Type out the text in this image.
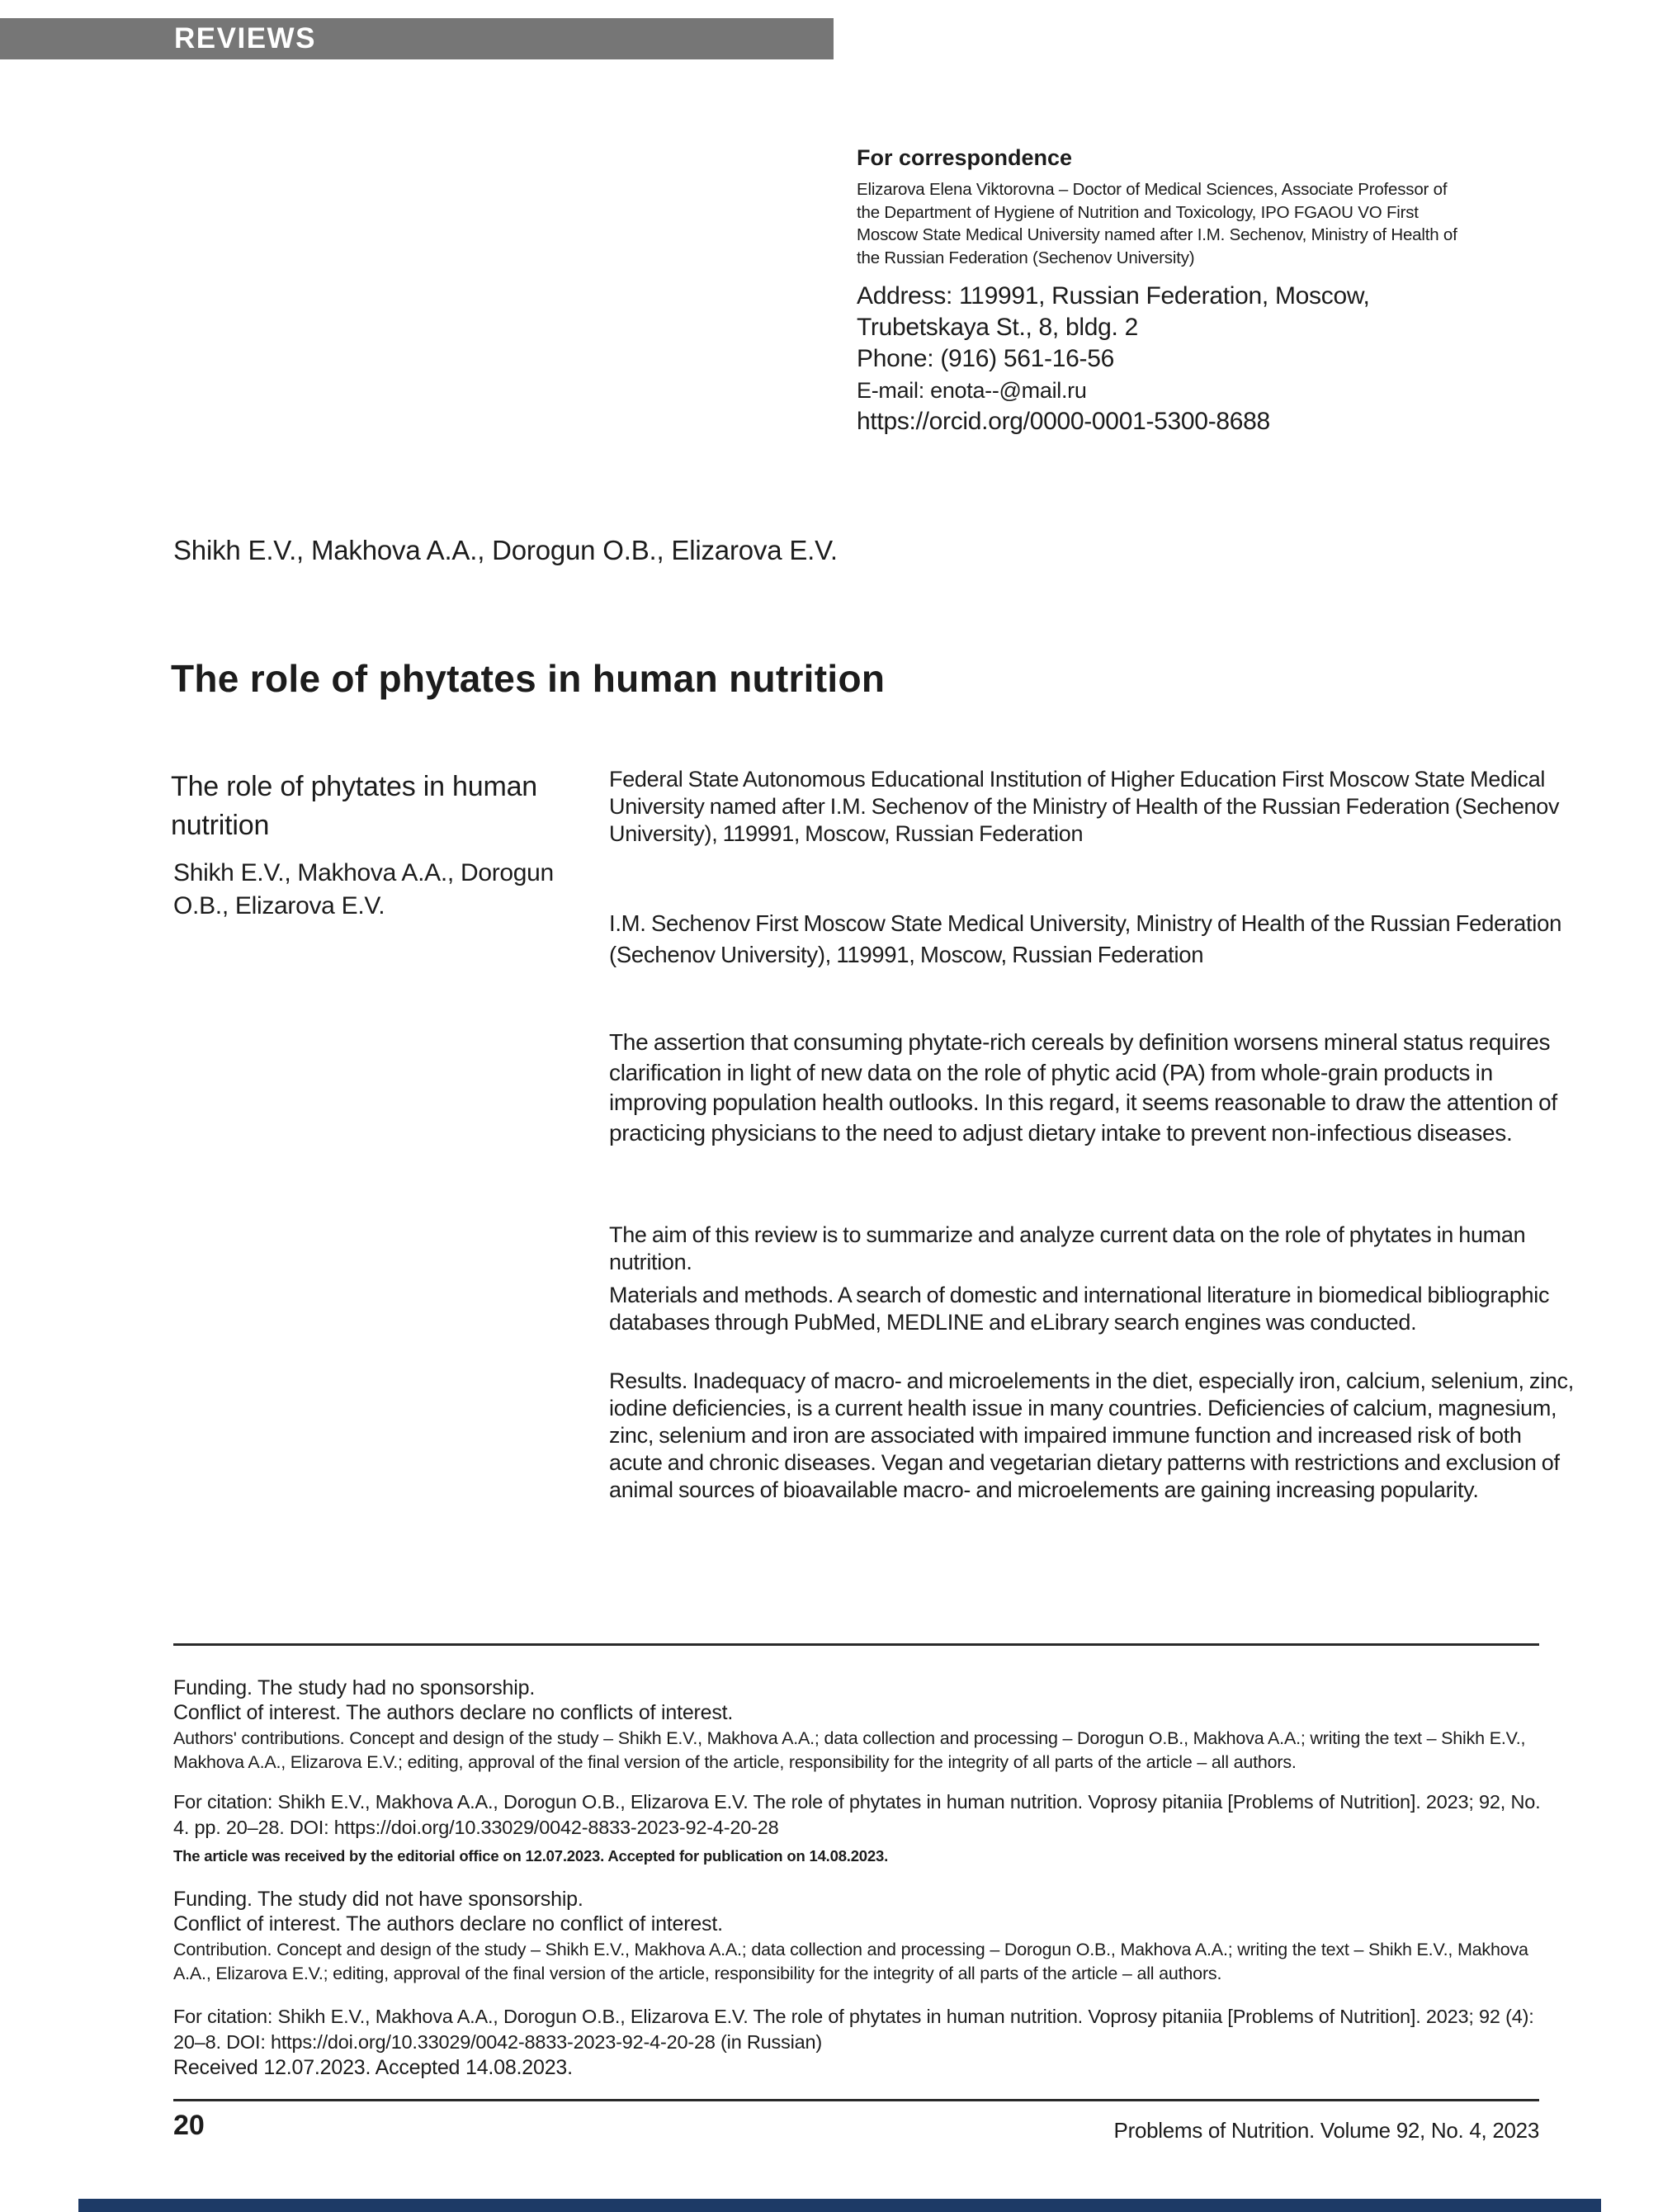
REVIEWS
For correspondence
Elizarova Elena Viktorovna – Doctor of Medical Sciences, Associate Professor of the Department of Hygiene of Nutrition and Toxicology, IPO FGAOU VO First Moscow State Medical University named after I.M. Sechenov, Ministry of Health of the Russian Federation (Sechenov University)
Address: 119991, Russian Federation, Moscow,
Trubetskaya St., 8, bldg. 2
Phone: (916) 561-16-56
E-mail: enota--@mail.ru
https://orcid.org/0000-0001-5300-8688
Shikh E.V., Makhova A.A., Dorogun O.B., Elizarova E.V.
The role of phytates in human nutrition
The role of phytates in human nutrition
Shikh E.V., Makhova A.A., Dorogun O.B., Elizarova E.V.
Federal State Autonomous Educational Institution of Higher Education First Moscow State Medical University named after I.M. Sechenov of the Ministry of Health of the Russian Federation (Sechenov University), 119991, Moscow, Russian Federation
I.M. Sechenov First Moscow State Medical University, Ministry of Health of the Russian Federation (Sechenov University), 119991, Moscow, Russian Federation
The assertion that consuming phytate-rich cereals by definition worsens mineral status requires clarification in light of new data on the role of phytic acid (PA) from whole-grain products in improving population health outlooks. In this regard, it seems reasonable to draw the attention of practicing physicians to the need to adjust dietary intake to prevent non-infectious diseases.
The aim of this review is to summarize and analyze current data on the role of phytates in human nutrition.
Materials and methods. A search of domestic and international literature in biomedical bibliographic databases through PubMed, MEDLINE and eLibrary search engines was conducted.
Results. Inadequacy of macro- and microelements in the diet, especially iron, calcium, selenium, zinc, iodine deficiencies, is a current health issue in many countries. Deficiencies of calcium, magnesium, zinc, selenium and iron are associated with impaired immune function and increased risk of both acute and chronic diseases. Vegan and vegetarian dietary patterns with restrictions and exclusion of animal sources of bioavailable macro- and microelements are gaining increasing popularity.
Funding. The study had no sponsorship.
Conflict of interest. The authors declare no conflicts of interest.
Authors' contributions. Concept and design of the study – Shikh E.V., Makhova A.A.; data collection and processing – Dorogun O.B., Makhova A.A.; writing the text – Shikh E.V., Makhova A.A., Elizarova E.V.; editing, approval of the final version of the article, responsibility for the integrity of all parts of the article – all authors.
For citation: Shikh E.V., Makhova A.A., Dorogun O.B., Elizarova E.V. The role of phytates in human nutrition. Voprosy pitaniia [Problems of Nutrition]. 2023; 92, No. 4. pp. 20–28. DOI: https://doi.org/10.33029/0042-8833-2023-92-4-20-28
The article was received by the editorial office on 12.07.2023. Accepted for publication on 14.08.2023.
Funding. The study did not have sponsorship.
Conflict of interest. The authors declare no conflict of interest.
Contribution. Concept and design of the study – Shikh E.V., Makhova A.A.; data collection and processing – Dorogun O.B., Makhova A.A.; writing the text – Shikh E.V., Makhova A.A., Elizarova E.V.; editing, approval of the final version of the article, responsibility for the integrity of all parts of the article – all authors.
For citation: Shikh E.V., Makhova A.A., Dorogun O.B., Elizarova E.V. The role of phytates in human nutrition. Voprosy pitaniia [Problems of Nutrition]. 2023; 92 (4): 20–8. DOI: https://doi.org/10.33029/0042-8833-2023-92-4-20-28 (in Russian)
Received 12.07.2023. Accepted 14.08.2023.
20	Problems of Nutrition. Volume 92, No. 4, 2023
